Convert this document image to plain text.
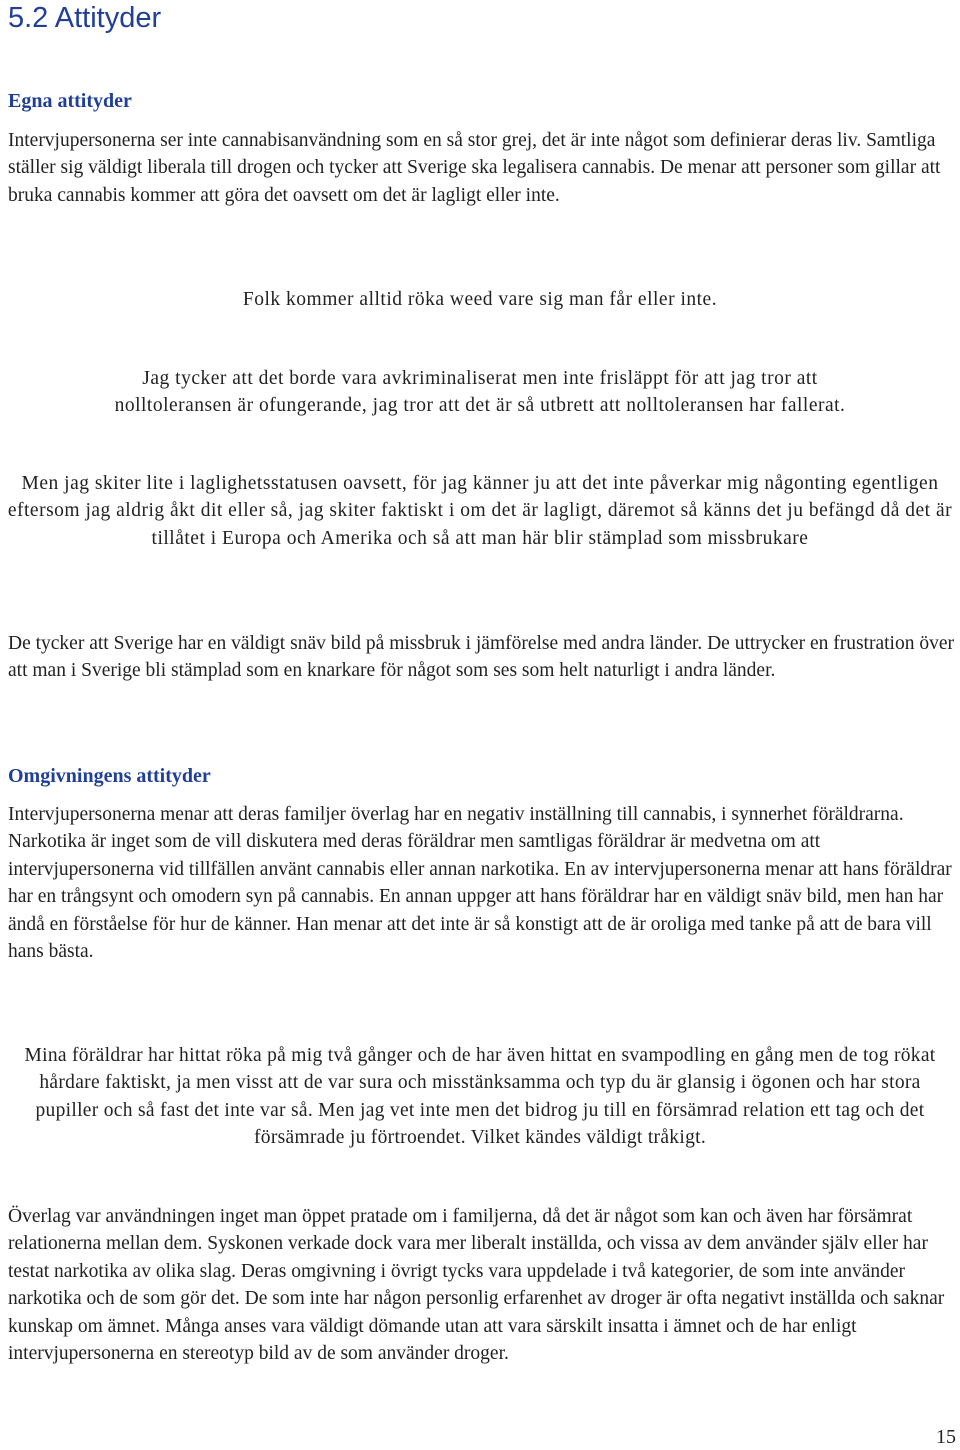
5.2 Attityder
Egna attityder

Intervjupersonerna ser inte cannabisanvändning som en så stor grej, det är inte något som definierar deras liv. Samtliga ställer sig väldigt liberala till drogen och tycker att Sverige ska legalisera cannabis. De menar att personer som gillar att bruka cannabis kommer att göra det oavsett om det är lagligt eller inte.

Folk kommer alltid röka weed vare sig man får eller inte.

Jag tycker att det borde vara avkriminaliserat men inte frisläppt för att jag tror att nolltoleransen är ofungerande, jag tror att det är så utbrett att nolltoleransen har fallerat.

Men jag skiter lite i laglighetsstatusen oavsett, för jag känner ju att det inte påverkar mig någonting egentligen eftersom jag aldrig åkt dit eller så, jag skiter faktiskt i om det är lagligt, däremot så känns det ju befängd då det är tillåtet i Europa och Amerika och så att man här blir stämplad som missbrukare

De tycker att Sverige har en väldigt snäv bild på missbruk i jämförelse med andra länder. De uttrycker en frustration över att man i Sverige bli stämplad som en knarkare för något som ses som helt naturligt i andra länder.

Omgivningens attityder

Intervjupersonerna menar att deras familjer överlag har en negativ inställning till cannabis, i synnerhet föräldrarna. Narkotika är inget som de vill diskutera med deras föräldrar men samtligas föräldrar är medvetna om att intervjupersonerna vid tillfällen använt cannabis eller annan narkotika. En av intervjupersonerna menar att hans föräldrar har en trångsynt och omodern syn på cannabis. En annan uppger att hans föräldrar har en väldigt snäv bild, men han har ändå en förståelse för hur de känner. Han menar att det inte är så konstigt att de är oroliga med tanke på att de bara vill hans bästa.

Mina föräldrar har hittat röka på mig två gånger och de har även hittat en svampodling en gång men de tog rökat hårdare faktiskt, ja men visst att de var sura och misstänksamma och typ du är glansig i ögonen och har stora pupiller och så fast det inte var så. Men jag vet inte men det bidrog ju till en försämrad relation ett tag och det försämrade ju förtroendet. Vilket kändes väldigt tråkigt.

Överlag var användningen inget man öppet pratade om i familjerna, då det är något som kan och även har försämrat relationerna mellan dem. Syskonen verkade dock vara mer liberalt inställda, och vissa av dem använder själv eller har testat narkotika av olika slag. Deras omgivning i övrigt tycks vara uppdelade i två kategorier, de som inte använder narkotika och de som gör det. De som inte har någon personlig erfarenhet av droger är ofta negativt inställda och saknar kunskap om ämnet. Många anses vara väldigt dömande utan att vara särskilt insatta i ämnet och de har enligt intervjupersonerna en stereotyp bild av de som använder droger.

15
